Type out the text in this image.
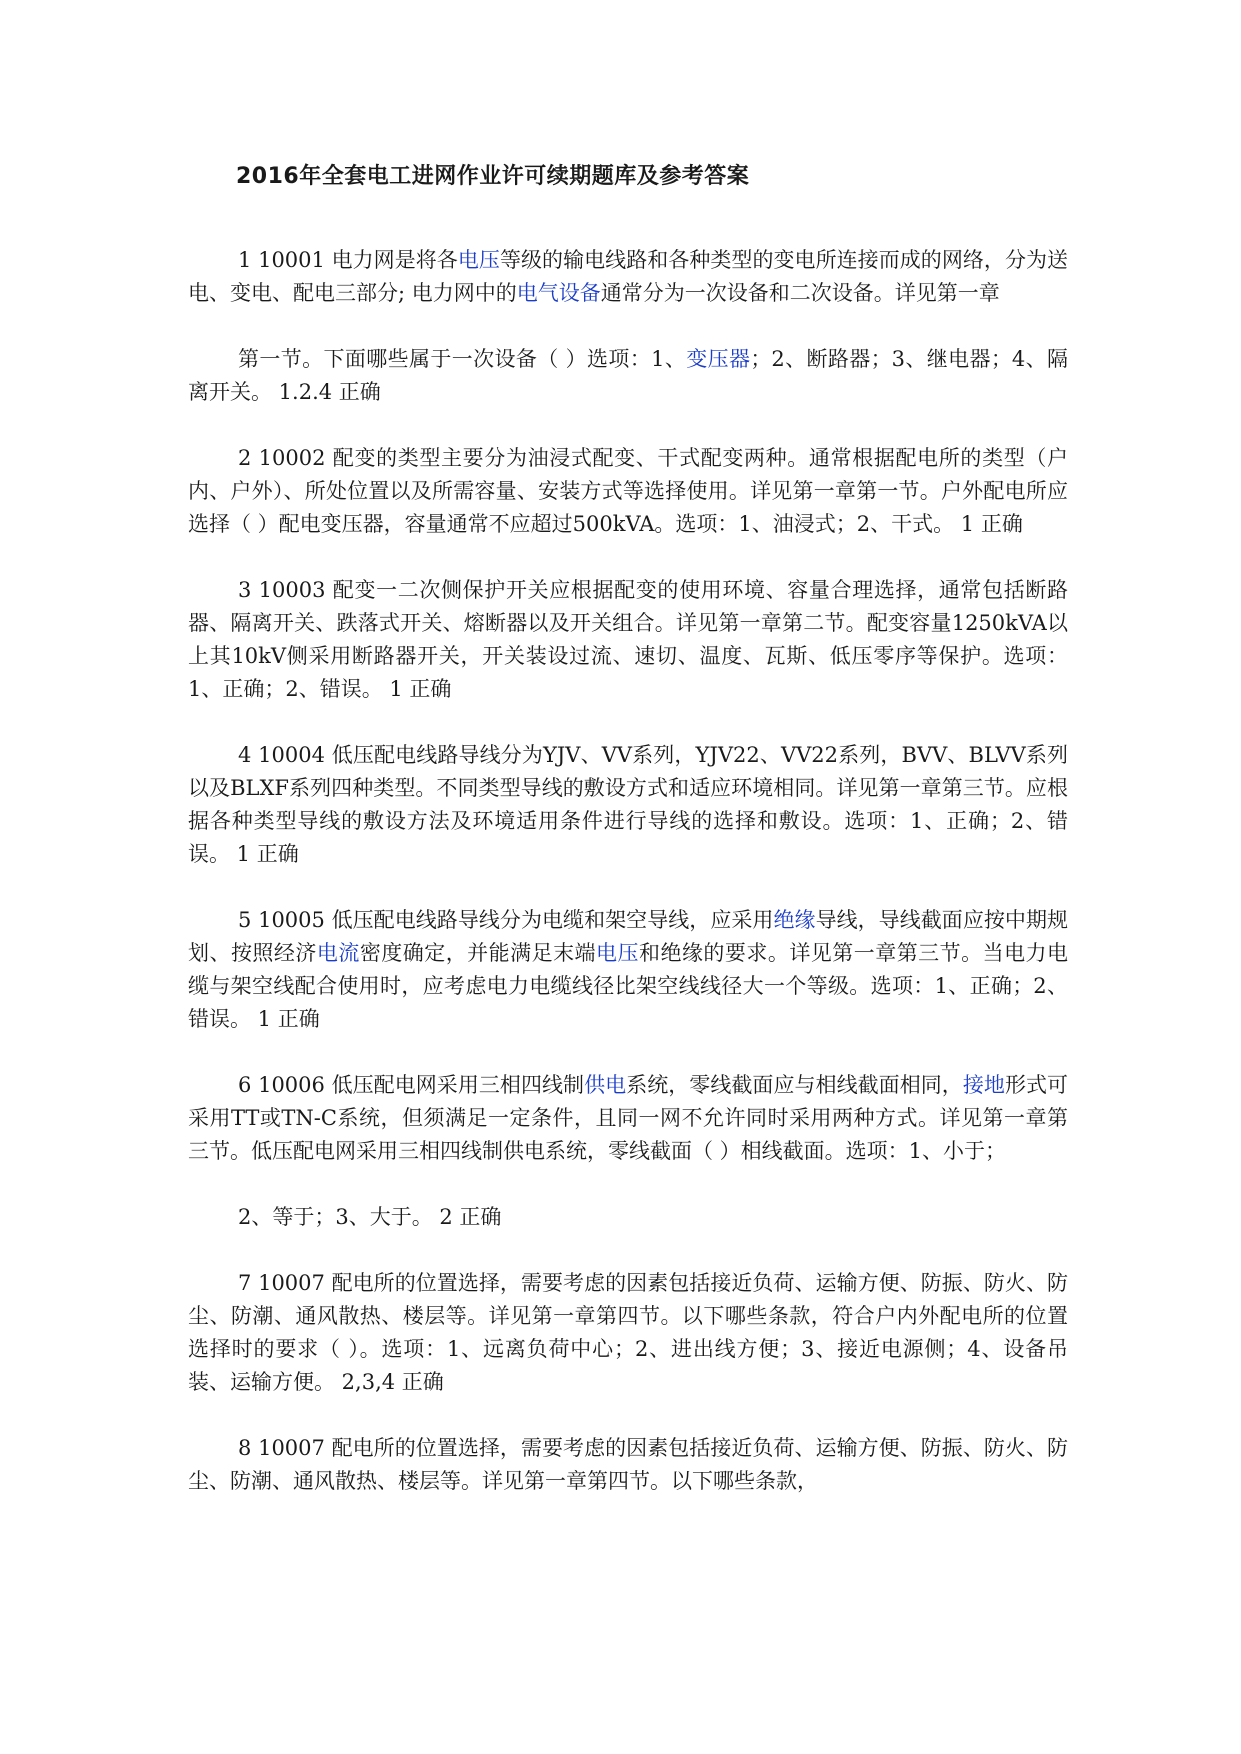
2016年全套电工进网作业许可续期题库及参考答案

1 10001 电力网是将各电压等级的输电线路和各种类型的变电所连接而成的网络，分为送电、变电、配电三部分; 电力网中的电气设备通常分为一次设备和二次设备。详见第一章

第一节。下面哪些属于一次设备（ ）选项：1、变压器；2、断路器；3、继电器；4、隔离开关。 1.2.4 正确

2 10002 配变的类型主要分为油浸式配变、干式配变两种。通常根据配电所的类型（户内、户外）、所处位置以及所需容量、安装方式等选择使用。详见第一章第一节。户外配电所应选择（ ）配电变压器，容量通常不应超过500kVA。选项：1、油浸式；2、干式。 1 正确

3 10003 配变一二次侧保护开关应根据配变的使用环境、容量合理选择，通常包括断路器、隔离开关、跌落式开关、熔断器以及开关组合。详见第一章第二节。配变容量1250kVA以上其10kV侧采用断路器开关，开关装设过流、速切、温度、瓦斯、低压零序等保护。选项：1、正确；2、错误。 1 正确

4 10004 低压配电线路导线分为YJV、VV系列，YJV22、VV22系列，BVV、BLVV系列以及BLXF系列四种类型。不同类型导线的敷设方式和适应环境相同。详见第一章第三节。应根据各种类型导线的敷设方法及环境适用条件进行导线的选择和敷设。选项：1、正确；2、错误。 1 正确

5 10005 低压配电线路导线分为电缆和架空导线，应采用绝缘导线，导线截面应按中期规划、按照经济电流密度确定，并能满足末端电压和绝缘的要求。详见第一章第三节。当电力电缆与架空线配合使用时，应考虑电力电缆线径比架空线线径大一个等级。选项：1、正确；2、错误。 1 正确

6 10006 低压配电网采用三相四线制供电系统，零线截面应与相线截面相同，接地形式可采用TT或TN-C系统，但须满足一定条件，且同一网不允许同时采用两种方式。详见第一章第三节。低压配电网采用三相四线制供电系统，零线截面（ ）相线截面。选项：1、小于；

2、等于；3、大于。 2 正确

7 10007 配电所的位置选择，需要考虑的因素包括接近负荷、运输方便、防振、防火、防尘、防潮、通风散热、楼层等。详见第一章第四节。以下哪些条款，符合户内外配电所的位置选择时的要求（ ）。选项：1、远离负荷中心；2、进出线方便；3、接近电源侧；4、设备吊装、运输方便。 2,3,4 正确

8 10007 配电所的位置选择，需要考虑的因素包括接近负荷、运输方便、防振、防火、防尘、防潮、通风散热、楼层等。详见第一章第四节。以下哪些条款，
